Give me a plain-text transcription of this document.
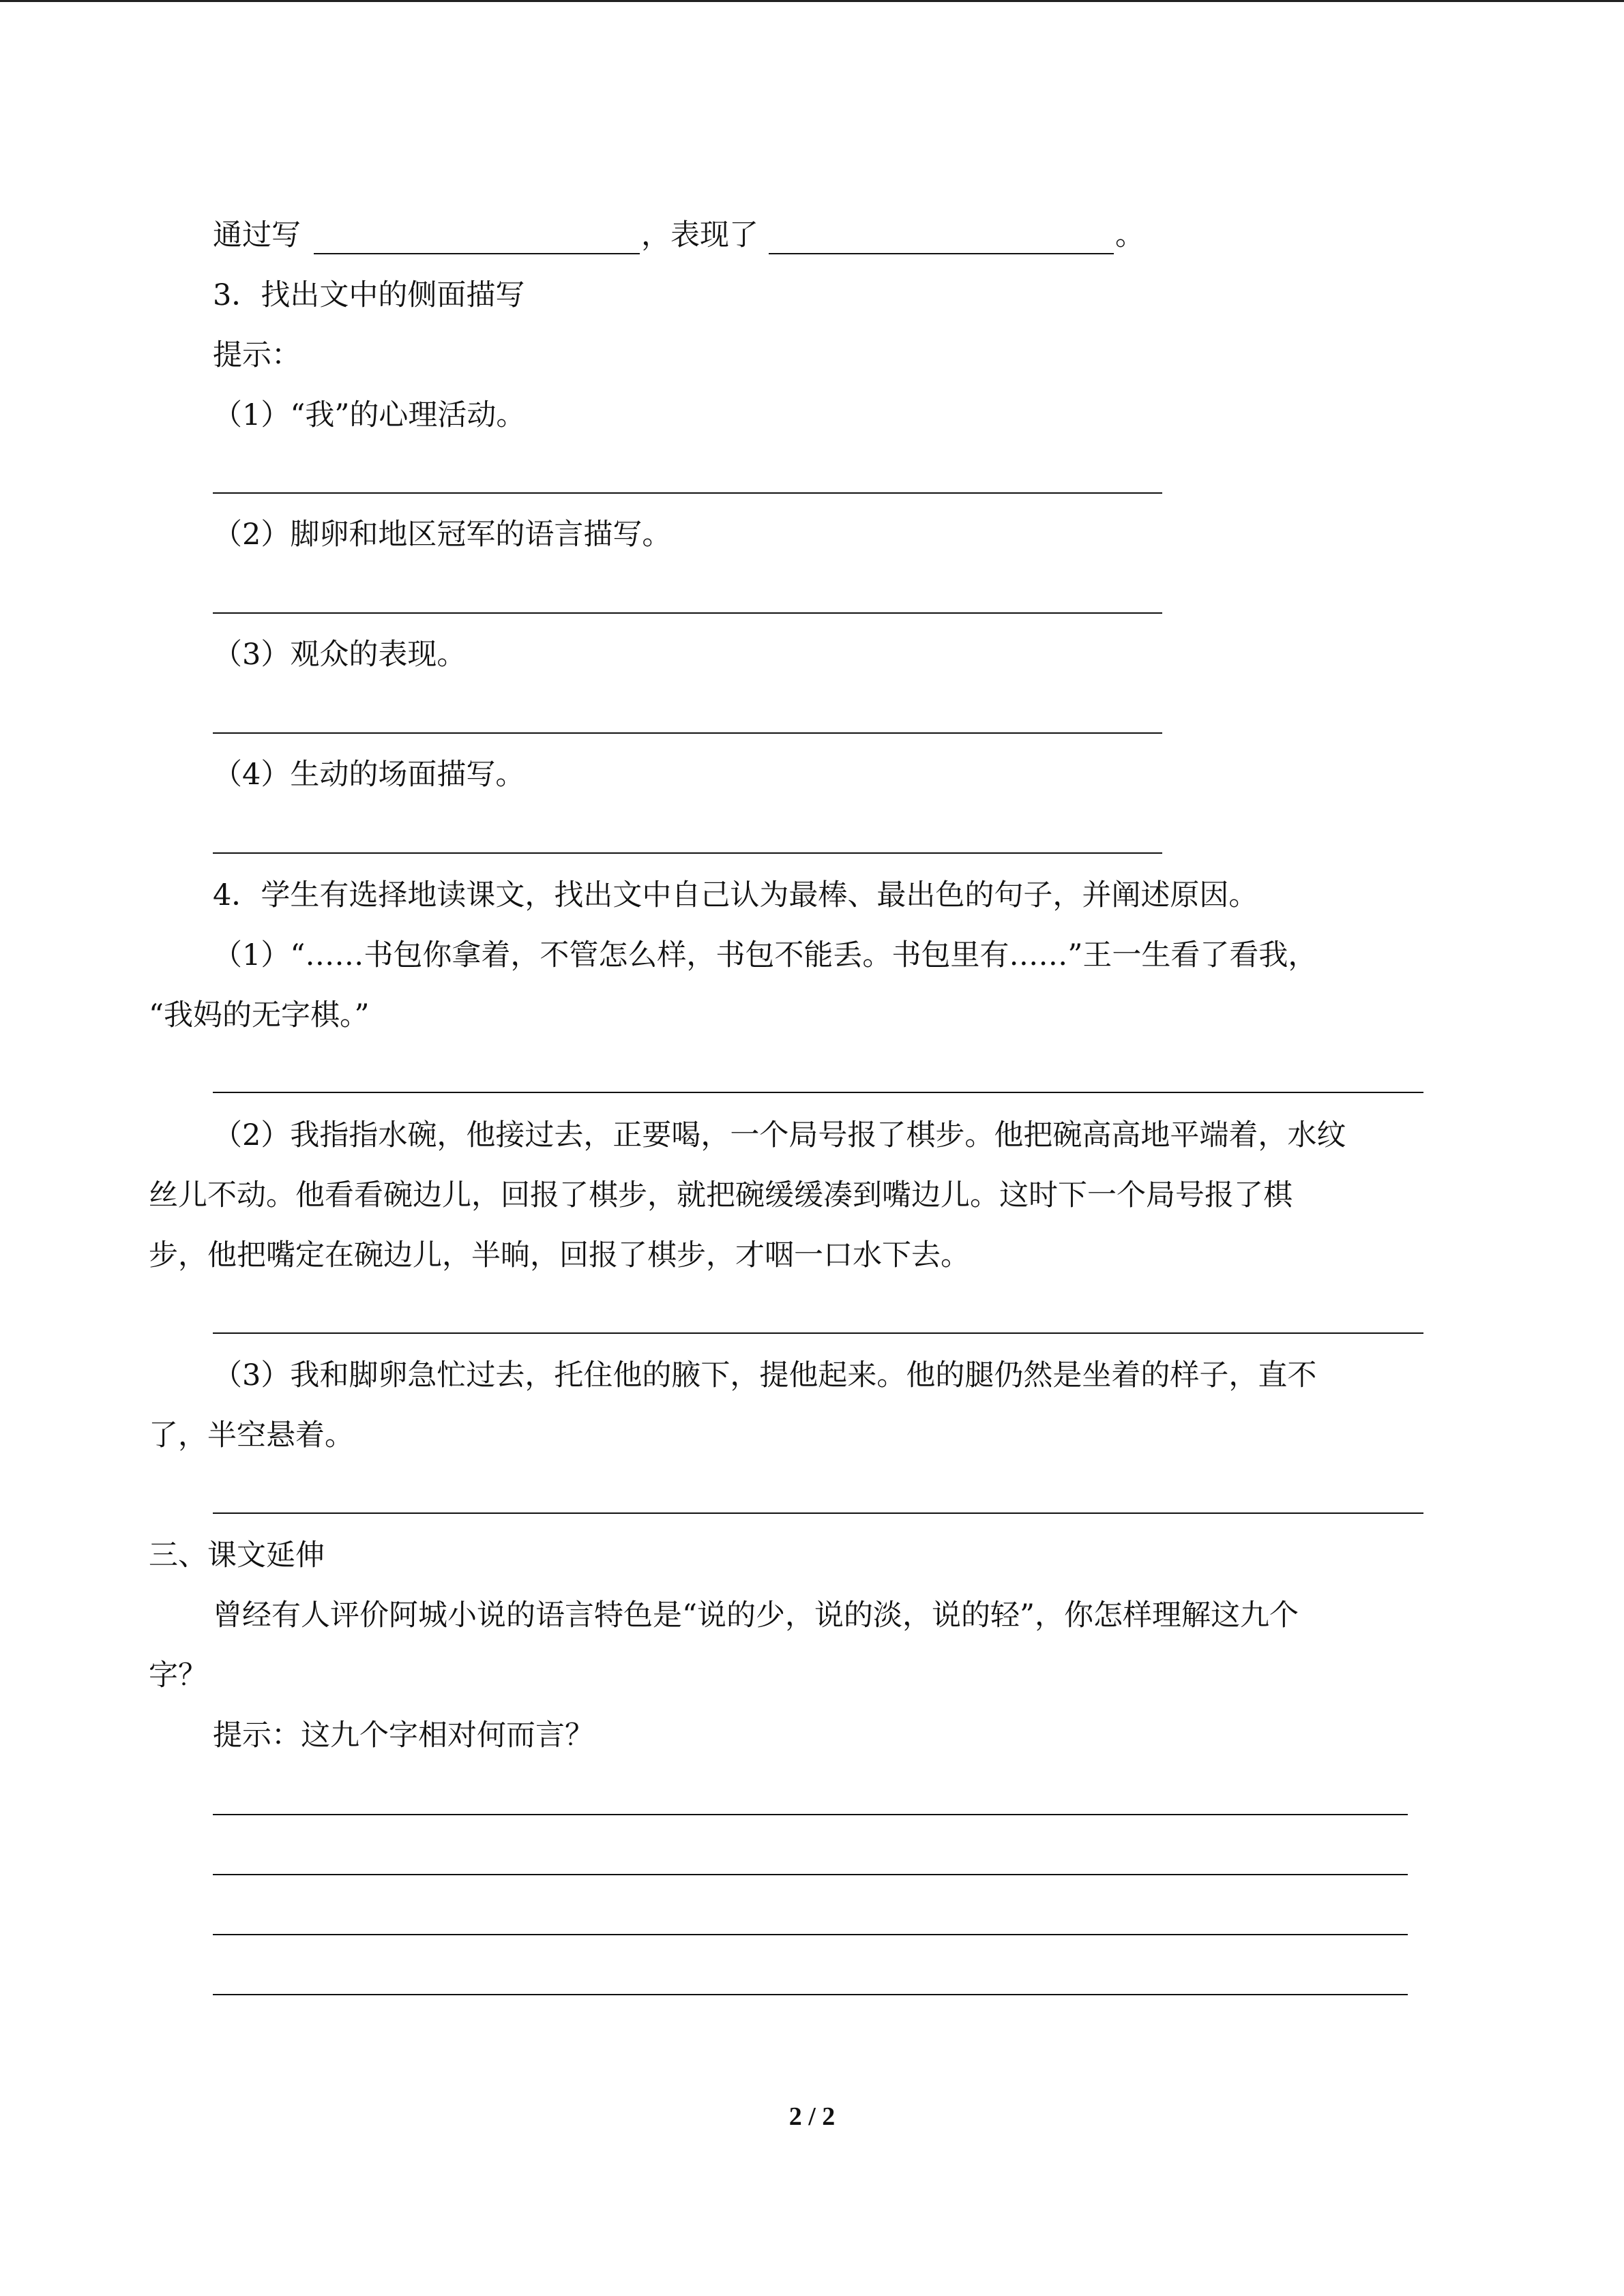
通过写	，表现了	。
3．找出文中的侧面描写
提示：
（1）“我”的心理活动。
（2）脚卵和地区冠军的语言描写。
（3）观众的表现。
（4）生动的场面描写。
4．学生有选择地读课文，找出文中自己认为最棒、最出色的句子，并阐述原因。
（1）“……书包你拿着，不管怎么样，书包不能丢。书包里有……”王一生看了看我，
“我妈的无字棋。”
（2）我指指水碗，他接过去，正要喝，一个局号报了棋步。他把碗高高地平端着，水纹
丝儿不动。他看看碗边儿，回报了棋步，就把碗缓缓凑到嘴边儿。这时下一个局号报了棋
步，他把嘴定在碗边儿，半晌，回报了棋步，才咽一口水下去。
（3）我和脚卵急忙过去，托住他的腋下，提他起来。他的腿仍然是坐着的样子，直不
了，半空悬着。
三、课文延伸
曾经有人评价阿城小说的语言特色是“说的少，说的淡，说的轻”，你怎样理解这九个
字？
提示：这九个字相对何而言？
2 / 2
